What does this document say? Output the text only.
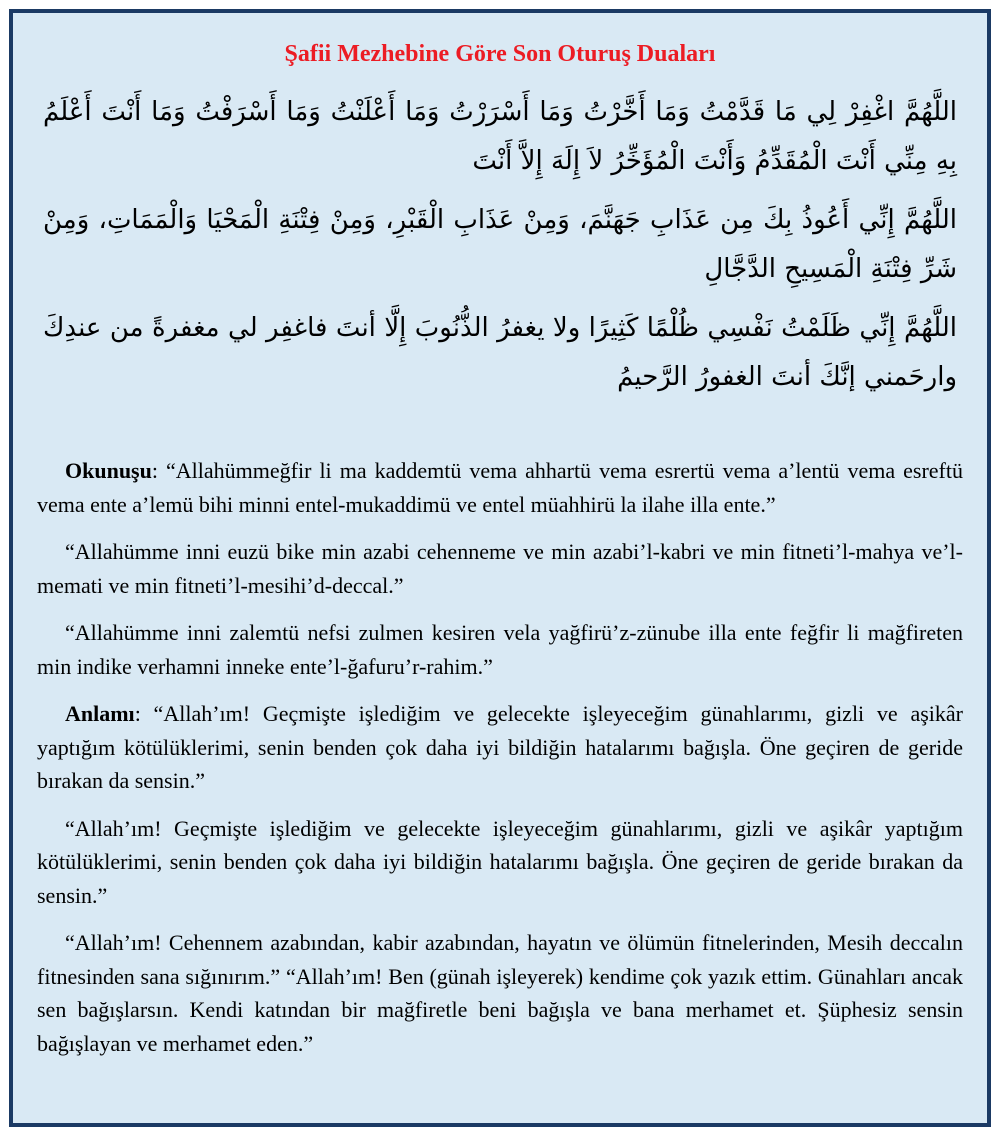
Şafii Mezhebine Göre Son Oturuş Duaları

اللَّهُمَّ اغْفِرْ لِي مَا قَدَّمْتُ وَمَا أَخَّرْتُ وَمَا أَسْرَرْتُ وَمَا أَعْلَنْتُ وَمَا أَسْرَفْتُ وَمَا أَنْتَ أَعْلَمُ بِهِ مِنِّي أَنْتَ الْمُقَدِّمُ وَأَنْتَ الْمُؤَخِّرُ لاَ إِلَهَ إِلاَّ أَنْتَ

اللَّهُمَّ إِنِّي أَعُوذُ بِكَ مِن عَذَابِ جَهَنَّمَ، وَمِنْ عَذَابِ الْقَبْرِ، وَمِنْ فِتْنَةِ الْمَحْيَا وَالْمَمَاتِ، وَمِنْ شَرِّ فِتْنَةِ الْمَسِيحِ الدَّجَّالِ

اللَّهُمَّ إِنِّي ظَلَمْتُ نَفْسِي ظُلْمًا كَثِيرًا ولا يغفرُ الذُّنُوبَ إِلَّا أنتَ فاغفِر لي مغفرةً من عندِكَ وارحَمني إنَّكَ أنتَ الغفورُ الرَّحيمُ

Okunuşu: “Allahümmeğfir li ma kaddemtü vema ahhartü vema esrertü vema a’lentü vema esreftü vema ente a’lemü bihi minni entel-mukaddimü ve entel müahhirü la ilahe illa ente.”

“Allahümme inni euzü bike min azabi cehenneme ve min azabi’l-kabri ve min fitneti’l-mahya ve’l-memati ve min fitneti’l-mesihi’d-deccal.”

“Allahümme inni zalemtü nefsi zulmen kesiren vela yağfirü’z-zünube illa ente feğfir li mağfireten min indike verhamni inneke ente’l-ğafuru’r-rahim.”

Anlamı: “Allah’ım! Geçmişte işlediğim ve gelecekte işleyeceğim günahlarımı, gizli ve aşikâr yaptığım kötülüklerimi, senin benden çok daha iyi bildiğin hatalarımı bağışla. Öne geçiren de geride bırakan da sensin.”

“Allah’ım! Geçmişte işlediğim ve gelecekte işleyeceğim günahlarımı, gizli ve aşikâr yaptığım kötülüklerimi, senin benden çok daha iyi bildiğin hatalarımı bağışla. Öne geçiren de geride bırakan da sensin.”

“Allah’ım! Cehennem azabından, kabir azabından, hayatın ve ölümün fitnelerinden, Mesih deccalın fitnesinden sana sığınırım.” “Allah’ım! Ben (günah işleyerek) kendime çok yazık ettim. Günahları ancak sen bağışlarsın. Kendi katından bir mağfiretle beni bağışla ve bana merhamet et. Şüphesiz sensin bağışlayan ve merhamet eden.”
